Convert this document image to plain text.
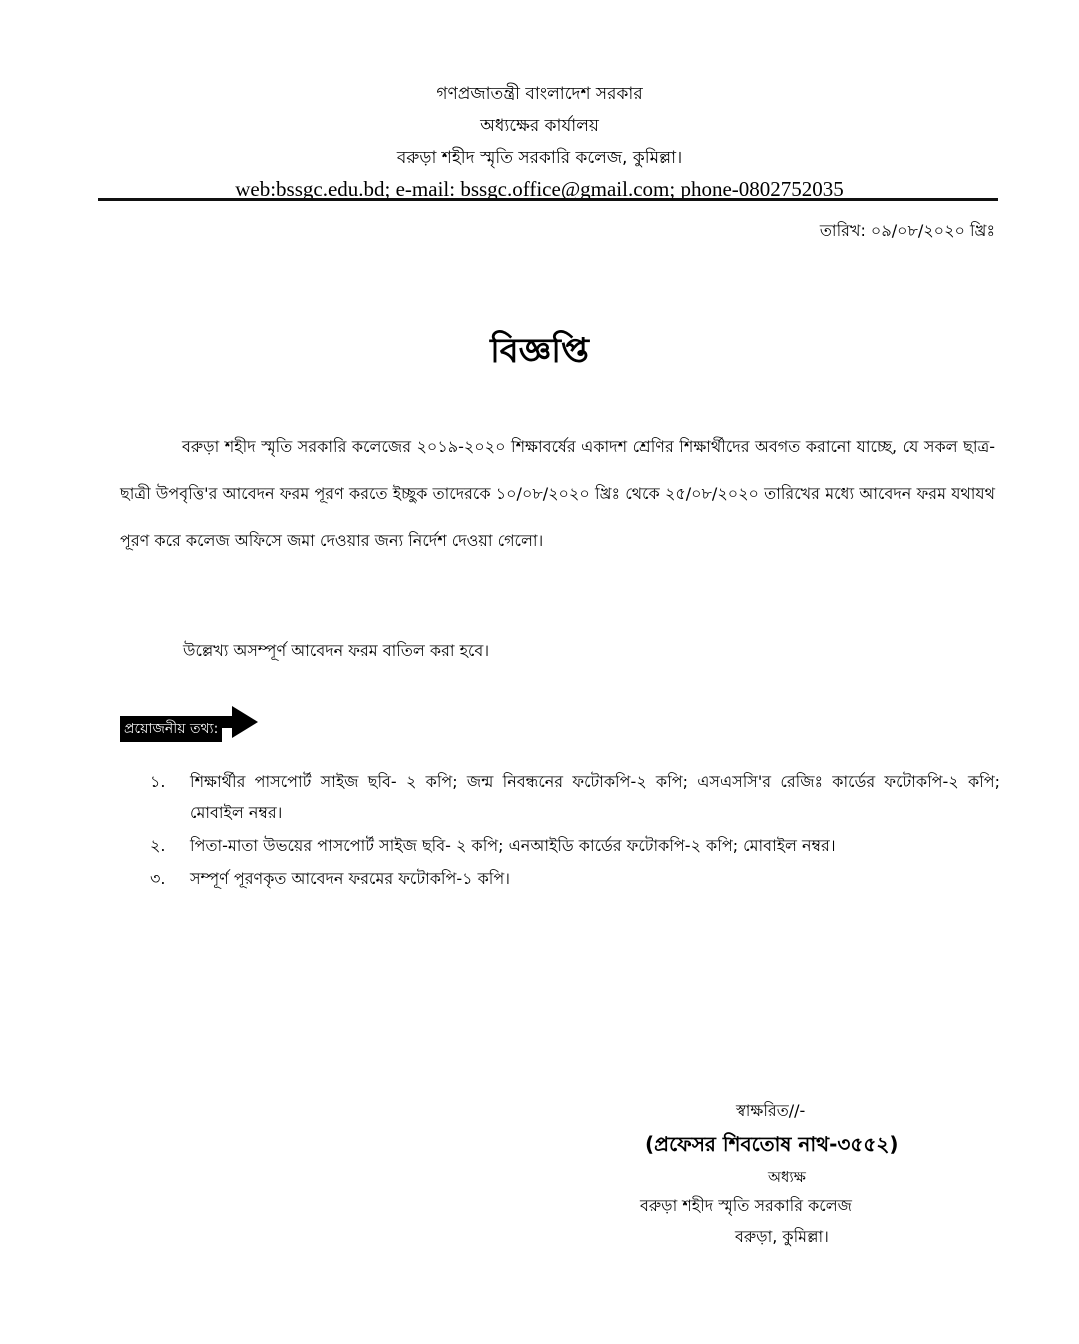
গণপ্রজাতন্ত্রী বাংলাদেশ সরকার
অধ্যক্ষের কার্যালয়
বরুড়া শহীদ স্মৃতি সরকারি কলেজ, কুমিল্লা।
web:bssgc.edu.bd; e-mail: bssgc.office@gmail.com; phone-0802752035
তারিখ: ০৯/০৮/২০২০ খ্রিঃ
বিজ্ঞপ্তি
বরুড়া শহীদ স্মৃতি সরকারি কলেজের ২০১৯-২০২০ শিক্ষাবর্ষের একাদশ শ্রেণির শিক্ষার্থীদের অবগত করানো যাচ্ছে, যে সকল ছাত্র-ছাত্রী উপবৃত্তি'র আবেদন ফরম পূরণ করতে ইচ্ছুক তাদেরকে ১০/০৮/২০২০ খ্রিঃ থেকে ২৫/০৮/২০২০ তারিখের মধ্যে আবেদন ফরম যথাযথ পূরণ করে কলেজ অফিসে জমা দেওয়ার জন্য নির্দেশ দেওয়া গেলো।
উল্লেখ্য অসম্পূর্ণ আবেদন ফরম বাতিল করা হবে।
প্রয়োজনীয় তথ্য:
১. শিক্ষার্থীর পাসপোর্ট সাইজ ছবি- ২ কপি; জন্ম নিবন্ধনের ফটোকপি-২ কপি; এসএসসি'র রেজিঃ কার্ডের ফটোকপি-২ কপি; মোবাইল নম্বর।
২. পিতা-মাতা উভয়ের পাসপোর্ট সাইজ ছবি- ২ কপি; এনআইডি কার্ডের ফটোকপি-২ কপি; মোবাইল নম্বর।
৩. সম্পূর্ণ পূরণকৃত আবেদন ফরমের ফটোকপি-১ কপি।
স্বাক্ষরিত//-
(প্রফেসর শিবতোষ নাথ-৩৫৫২)
অধ্যক্ষ
বরুড়া শহীদ স্মৃতি সরকারি কলেজ
বরুড়া, কুমিল্লা।
